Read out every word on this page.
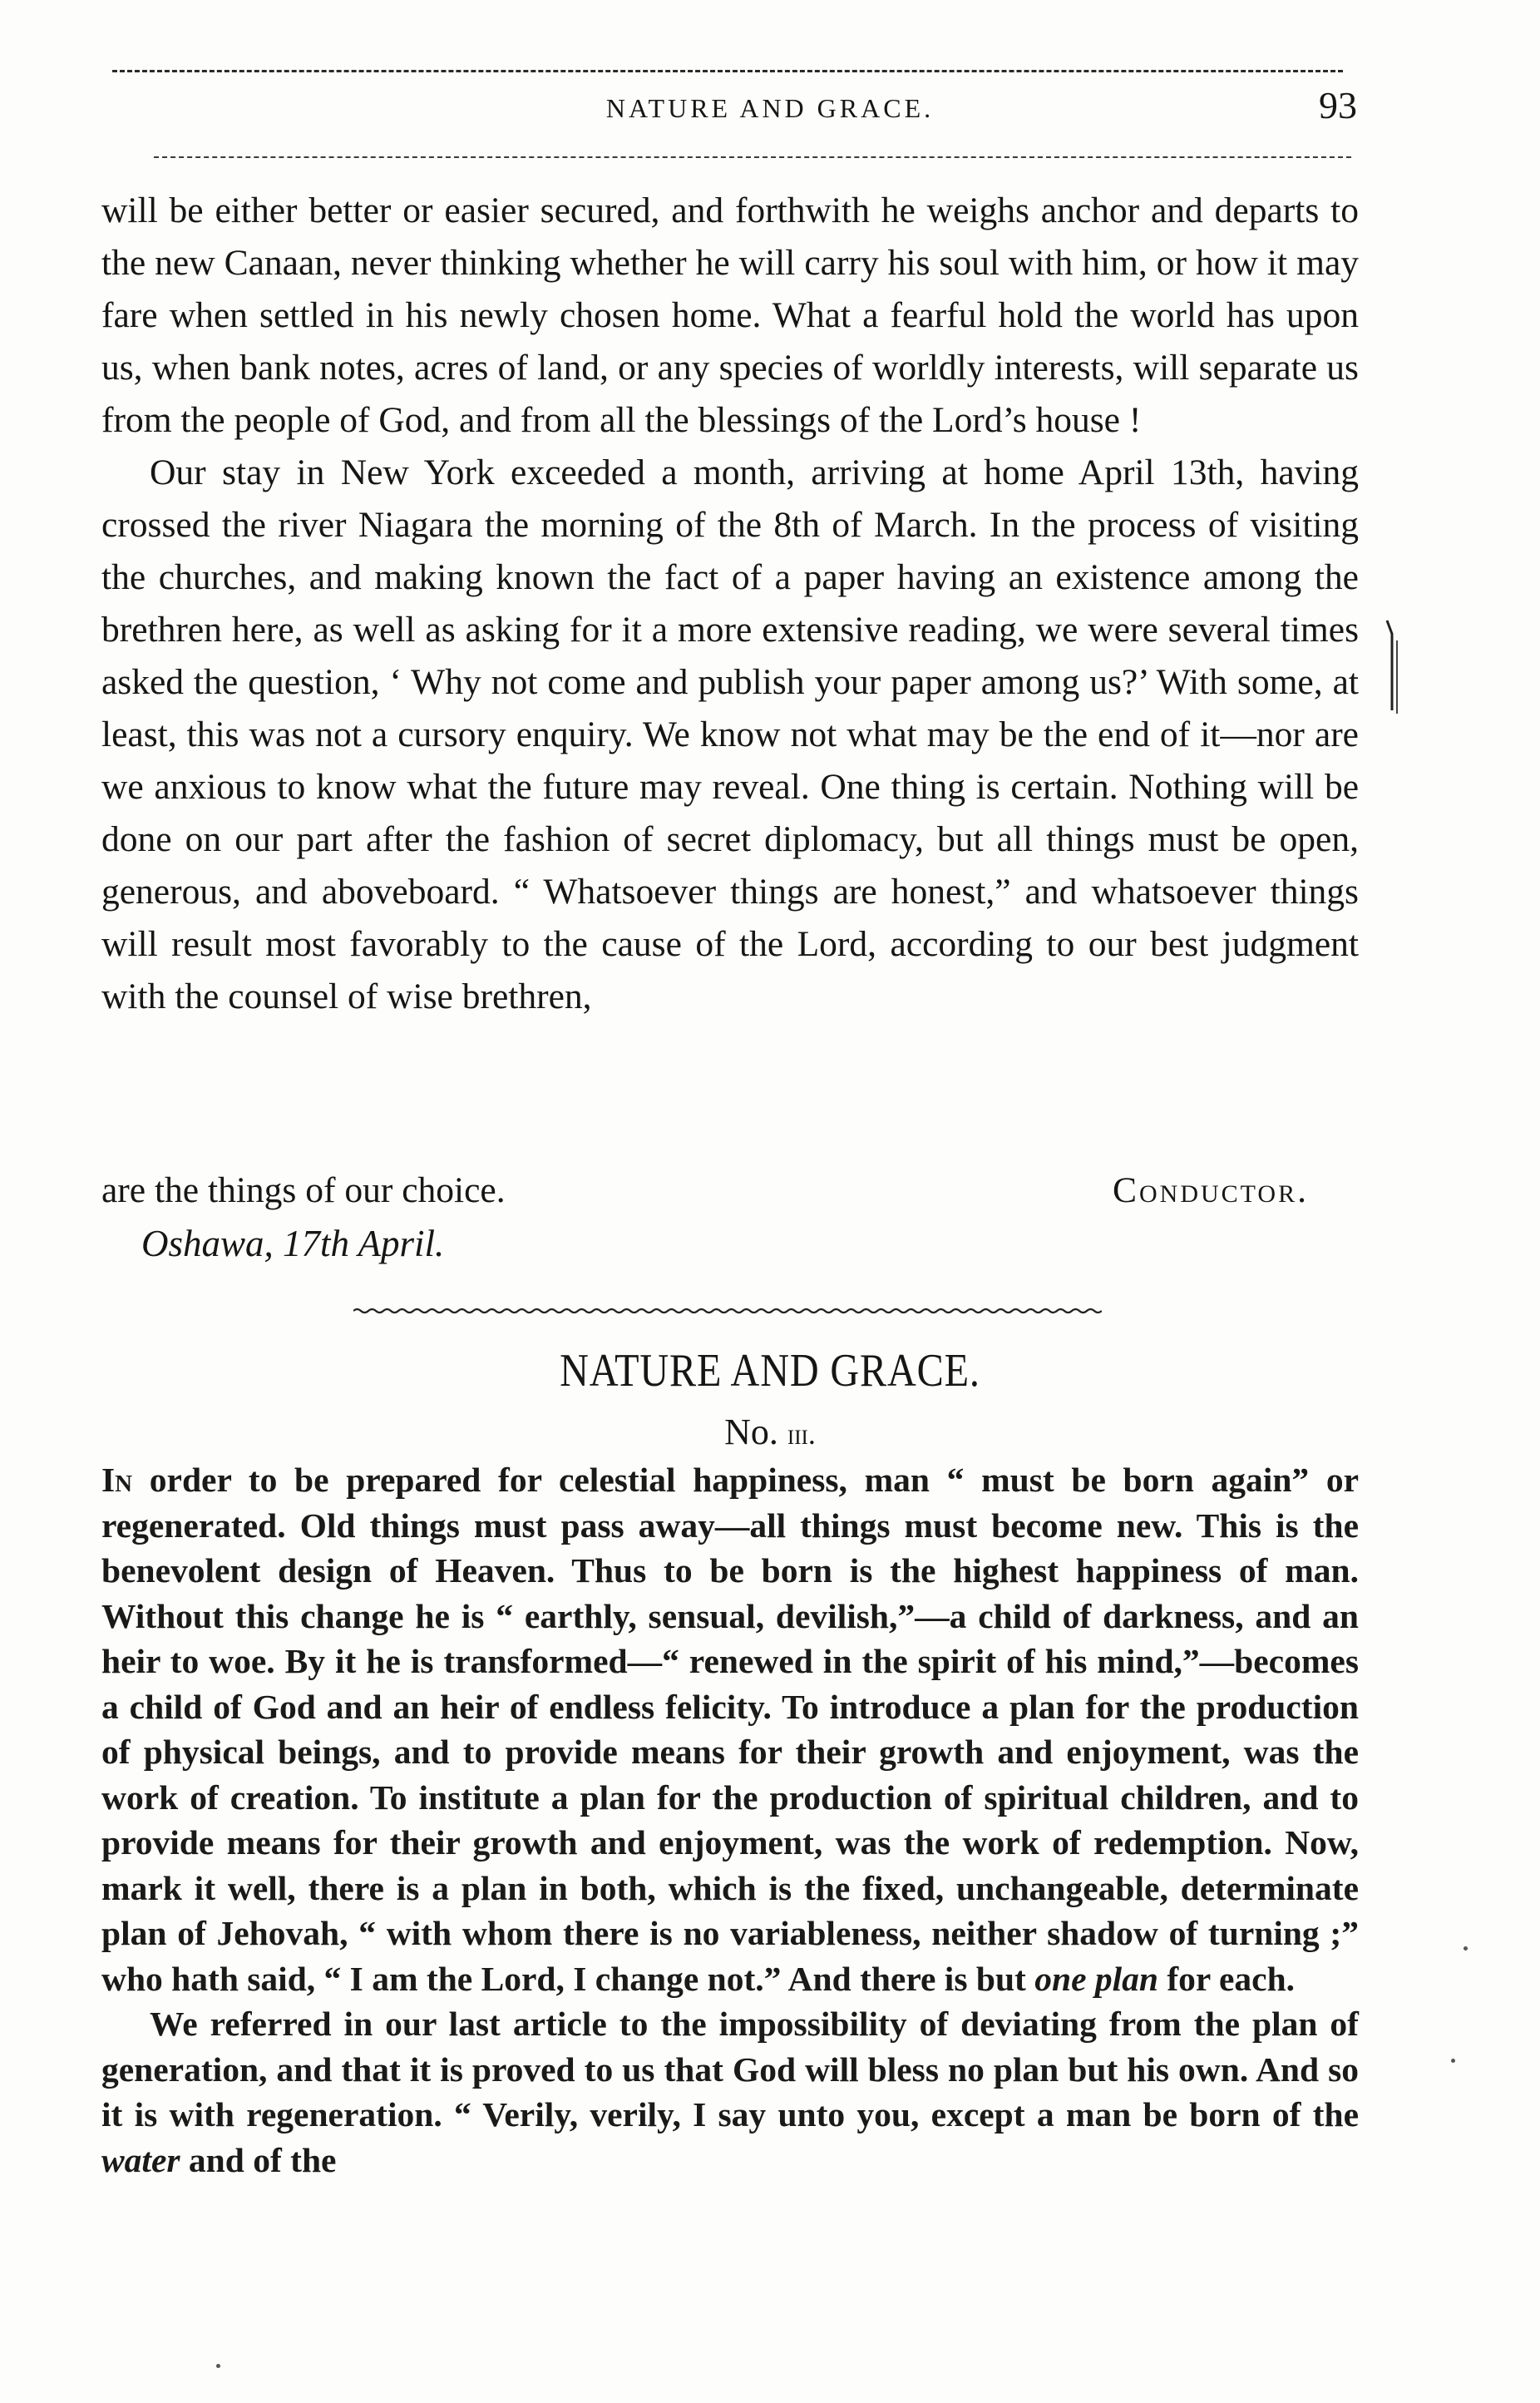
NATURE AND GRACE.	93

will be either better or easier secured, and forthwith he weighs anchor and departs to the new Canaan, never thinking whether he will carry his soul with him, or how it may fare when settled in his newly chosen home. What a fearful hold the world has upon us, when bank notes, acres of land, or any species of worldly interests, will separate us from the people of God, and from all the blessings of the Lord’s house !

Our stay in New York exceeded a month, arriving at home April 13th, having crossed the river Niagara the morning of the 8th of March. In the process of visiting the churches, and making known the fact of a paper having an existence among the brethren here, as well as asking for it a more extensive reading, we were several times asked the question, ‘ Why not come and publish your paper among us?’ With some, at least, this was not a cursory enquiry. We know not what may be the end of it—nor are we anxious to know what the future may reveal. One thing is certain. Nothing will be done on our part after the fashion of secret diplomacy, but all things must be open, generous, and aboveboard. “ Whatsoever things are honest,” and whatsoever things will result most favorably to the cause of the Lord, according to our best judgment with the counsel of wise brethren,

are the things of our choice.	Conductor.
Oshawa, 17th April.
NATURE AND GRACE.
No. iii.

In order to be prepared for celestial happiness, man “ must be born again” or regenerated. Old things must pass away—all things must become new. This is the benevolent design of Heaven. Thus to be born is the highest happiness of man. Without this change he is “ earthly, sensual, devilish,”—a child of darkness, and an heir to woe. By it he is transformed—“ renewed in the spirit of his mind,”—becomes a child of God and an heir of endless felicity. To introduce a plan for the production of physical beings, and to provide means for their growth and enjoyment, was the work of creation. To institute a plan for the production of spiritual children, and to provide means for their growth and enjoyment, was the work of redemption. Now, mark it well, there is a plan in both, which is the fixed, unchangeable, determinate plan of Jehovah, “ with whom there is no variableness, neither shadow of turning ;” who hath said, “ I am the Lord, I change not.” And there is but one plan for each.

We referred in our last article to the impossibility of deviating from the plan of generation, and that it is proved to us that God will bless no plan but his own. And so it is with regeneration. “ Verily, verily, I say unto you, except a man be born of the water and of the
